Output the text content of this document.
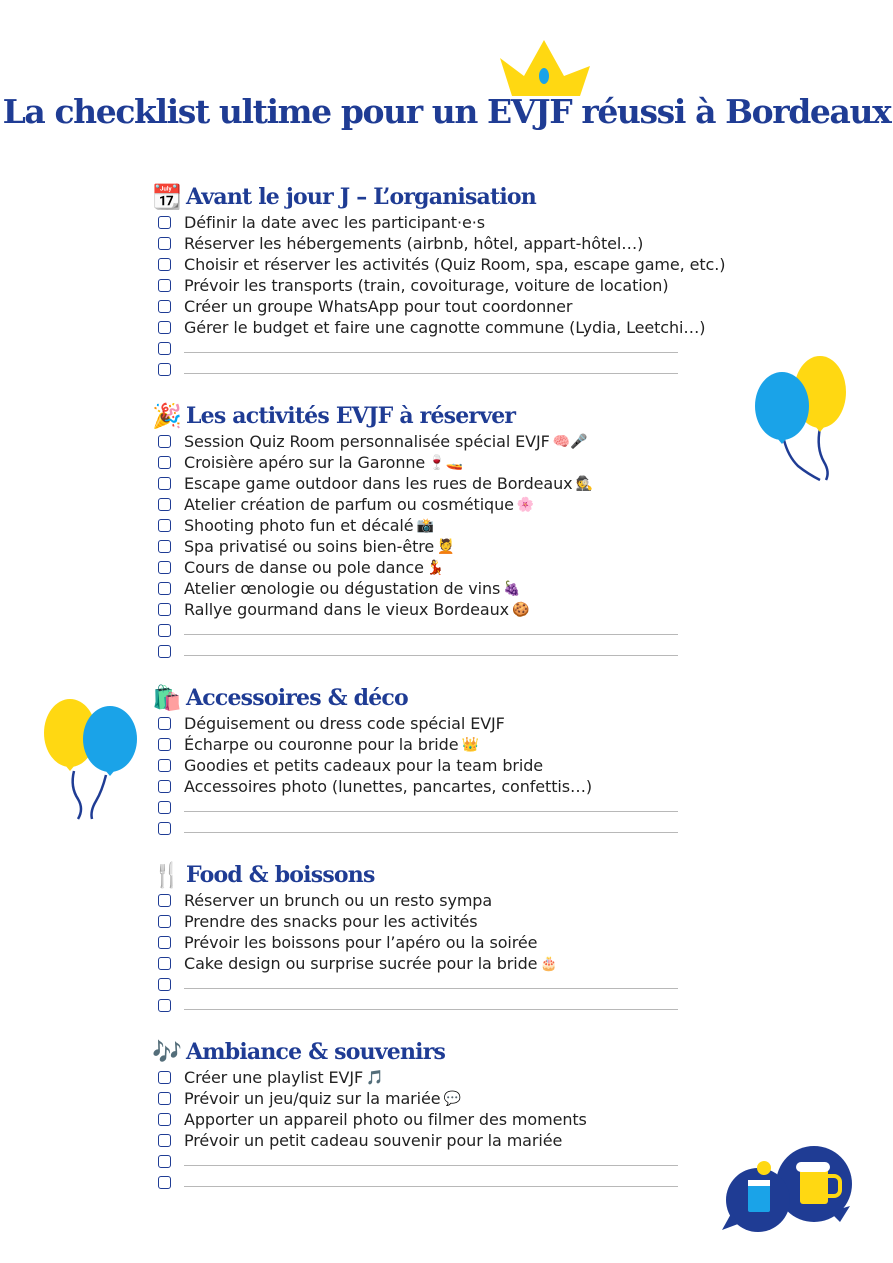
La checklist ultime pour un EVJF réussi à Bordeaux
📆 Avant le jour J – L’organisation
Définir la date avec les participant·e·s
Réserver les hébergements (airbnb, hôtel, appart-hôtel…)
Choisir et réserver les activités (Quiz Room, spa, escape game, etc.)
Prévoir les transports (train, covoiturage, voiture de location)
Créer un groupe WhatsApp pour tout coordonner
Gérer le budget et faire une cagnotte commune (Lydia, Leetchi…)
🎉 Les activités EVJF à réserver
Session Quiz Room personnalisée spécial EVJF 🧠🎤
Croisière apéro sur la Garonne 🍷🚤
Escape game outdoor dans les rues de Bordeaux 🕵️
Atelier création de parfum ou cosmétique 🌸
Shooting photo fun et décalé 📸
Spa privatisé ou soins bien-être 💆
Cours de danse ou pole dance 💃
Atelier œnologie ou dégustation de vins 🍇
Rallye gourmand dans le vieux Bordeaux 🍪
🛍️ Accessoires & déco
Déguisement ou dress code spécial EVJF
Écharpe ou couronne pour la bride 👑
Goodies et petits cadeaux pour la team bride
Accessoires photo (lunettes, pancartes, confettis…)
🍴 Food & boissons
Réserver un brunch ou un resto sympa
Prendre des snacks pour les activités
Prévoir les boissons pour l’apéro ou la soirée
Cake design ou surprise sucrée pour la bride 🎂
🎶 Ambiance & souvenirs
Créer une playlist EVJF 🎵
Prévoir un jeu/quiz sur la mariée 💬
Apporter un appareil photo ou filmer des moments
Prévoir un petit cadeau souvenir pour la mariée
